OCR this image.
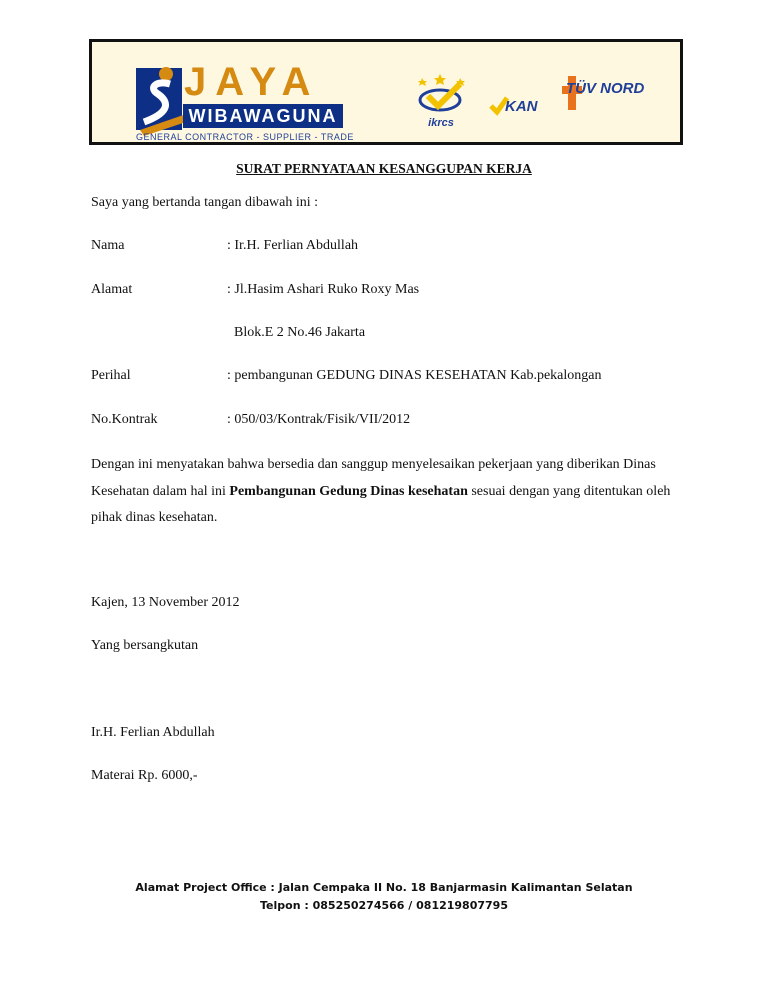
JAYA
WIBAWAGUNA
GENERAL CONTRACTOR - SUPPLIER - TRADE
ikrcs
KAN
TÜV NORD
SURAT PERNYATAAN KESANGGUPAN KERJA
Saya yang bertanda tangan dibawah ini :
Nama	: Ir.H. Ferlian Abdullah
Alamat	: Jl.Hasim Ashari Ruko Roxy Mas
Blok.E 2 No.46 Jakarta
Perihal	: pembangunan GEDUNG DINAS KESEHATAN Kab.pekalongan
No.Kontrak	: 050/03/Kontrak/Fisik/VII/2012
Dengan ini menyatakan bahwa bersedia dan sanggup menyelesaikan pekerjaan yang diberikan Dinas Kesehatan dalam hal ini Pembangunan Gedung Dinas kesehatan sesuai dengan yang ditentukan oleh pihak dinas kesehatan.
Kajen, 13 November 2012
Yang bersangkutan
Ir.H. Ferlian Abdullah
Materai Rp. 6000,-
Alamat Project Office : Jalan Cempaka II No. 18 Banjarmasin Kalimantan Selatan
Telpon : 085250274566 / 081219807795
